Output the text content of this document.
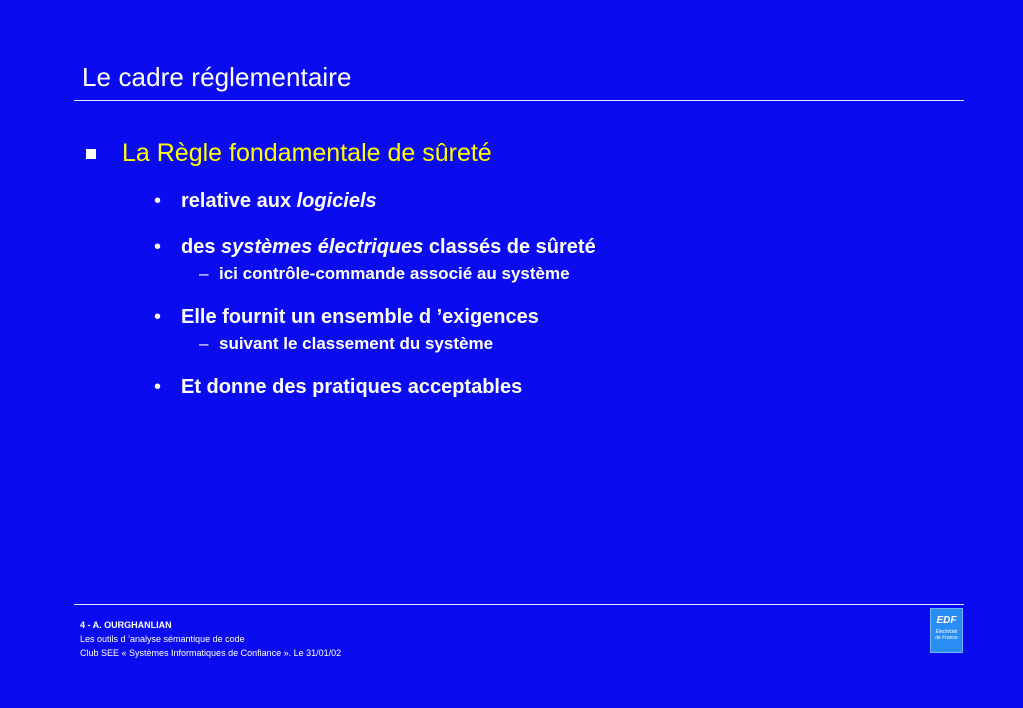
Le cadre réglementaire
La Règle fondamentale de sûreté
• relative aux logiciels
• des systèmes électriques classés de sûreté
– ici contrôle-commande associé au système
• Elle fournit un ensemble d ’exigences
– suivant le classement du système
• Et donne des pratiques acceptables
4 - A. OURGHANLIAN
Les outils d ’analyse sémantique de code
Club SEE « Systèmes Informatiques de Confiance ». Le 31/01/02
EDF
Electricité
de France
